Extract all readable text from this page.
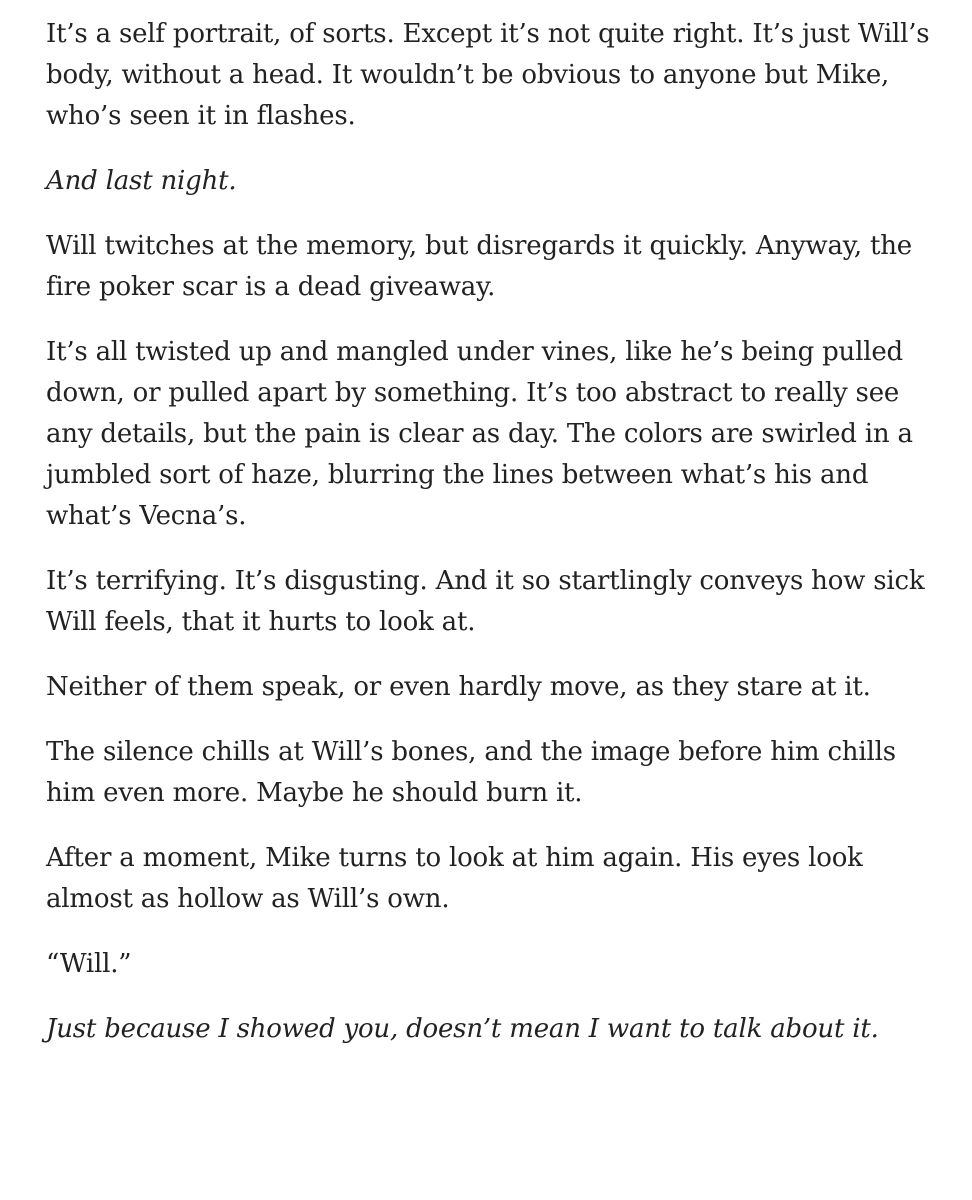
It’s a self portrait, of sorts. Except it’s not quite right. It’s just Will’s body, without a head. It wouldn’t be obvious to anyone but Mike, who’s seen it in flashes.

And last night.

Will twitches at the memory, but disregards it quickly. Anyway, the fire poker scar is a dead giveaway.

It’s all twisted up and mangled under vines, like he’s being pulled down, or pulled apart by something. It’s too abstract to really see any details, but the pain is clear as day. The colors are swirled in a jumbled sort of haze, blurring the lines between what’s his and what’s Vecna’s.

It’s terrifying. It’s disgusting. And it so startlingly conveys how sick Will feels, that it hurts to look at.

Neither of them speak, or even hardly move, as they stare at it.

The silence chills at Will’s bones, and the image before him chills him even more. Maybe he should burn it.

After a moment, Mike turns to look at him again. His eyes look almost as hollow as Will’s own.

“Will.”

Just because I showed you, doesn’t mean I want to talk about it.
